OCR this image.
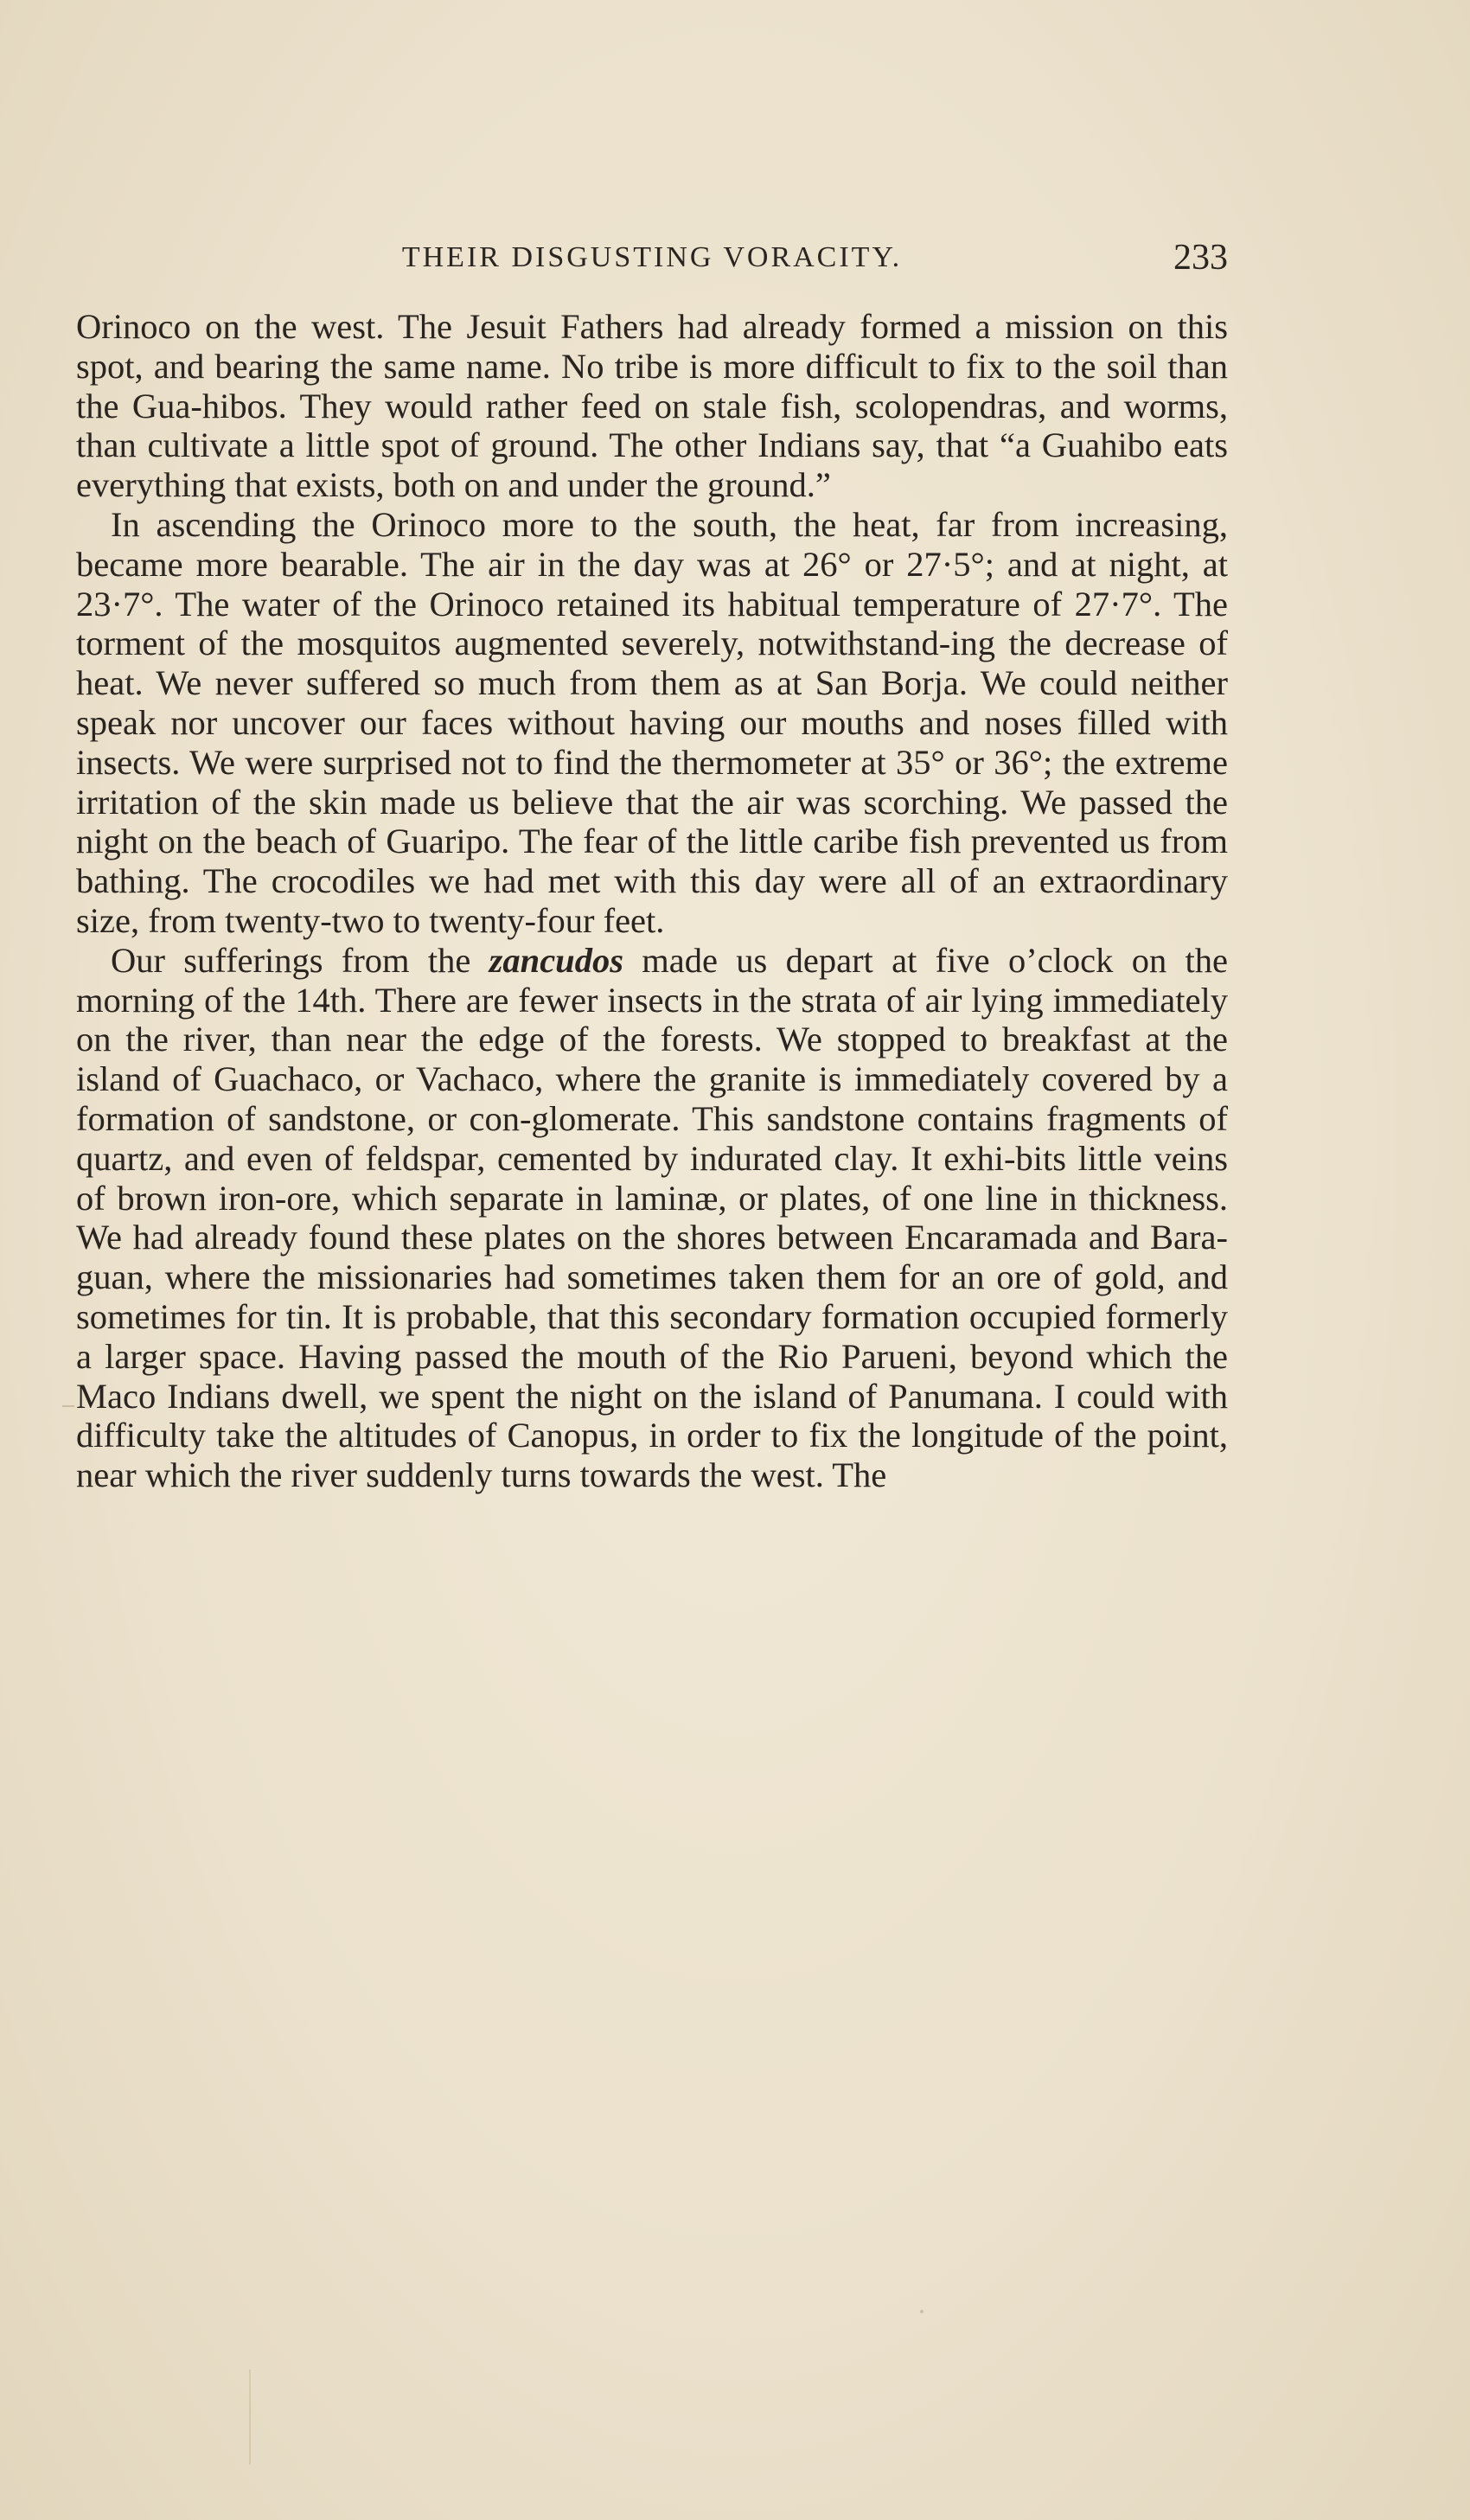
THEIR DISGUSTING VORACITY.	233

Orinoco on the west. The Jesuit Fathers had already formed a mission on this spot, and bearing the same name. No tribe is more difficult to fix to the soil than the Gua-hibos. They would rather feed on stale fish, scolopendras, and worms, than cultivate a little spot of ground. The other Indians say, that “a Guahibo eats everything that exists, both on and under the ground.”

In ascending the Orinoco more to the south, the heat, far from increasing, became more bearable. The air in the day was at 26° or 27·5°; and at night, at 23·7°. The water of the Orinoco retained its habitual temperature of 27·7°. The torment of the mosquitos augmented severely, notwithstand-ing the decrease of heat. We never suffered so much from them as at San Borja. We could neither speak nor uncover our faces without having our mouths and noses filled with insects. We were surprised not to find the thermometer at 35° or 36°; the extreme irritation of the skin made us believe that the air was scorching. We passed the night on the beach of Guaripo. The fear of the little caribe fish prevented us from bathing. The crocodiles we had met with this day were all of an extraordinary size, from twenty-two to twenty-four feet.

Our sufferings from the zancudos made us depart at five o’clock on the morning of the 14th. There are fewer insects in the strata of air lying immediately on the river, than near the edge of the forests. We stopped to breakfast at the island of Guachaco, or Vachaco, where the granite is immediately covered by a formation of sandstone, or con-glomerate. This sandstone contains fragments of quartz, and even of feldspar, cemented by indurated clay. It exhi-bits little veins of brown iron-ore, which separate in laminæ, or plates, of one line in thickness. We had already found these plates on the shores between Encaramada and Bara-guan, where the missionaries had sometimes taken them for an ore of gold, and sometimes for tin. It is probable, that this secondary formation occupied formerly a larger space. Having passed the mouth of the Rio Parueni, beyond which the Maco Indians dwell, we spent the night on the island of Panumana. I could with difficulty take the altitudes of Canopus, in order to fix the longitude of the point, near which the river suddenly turns towards the west. The
